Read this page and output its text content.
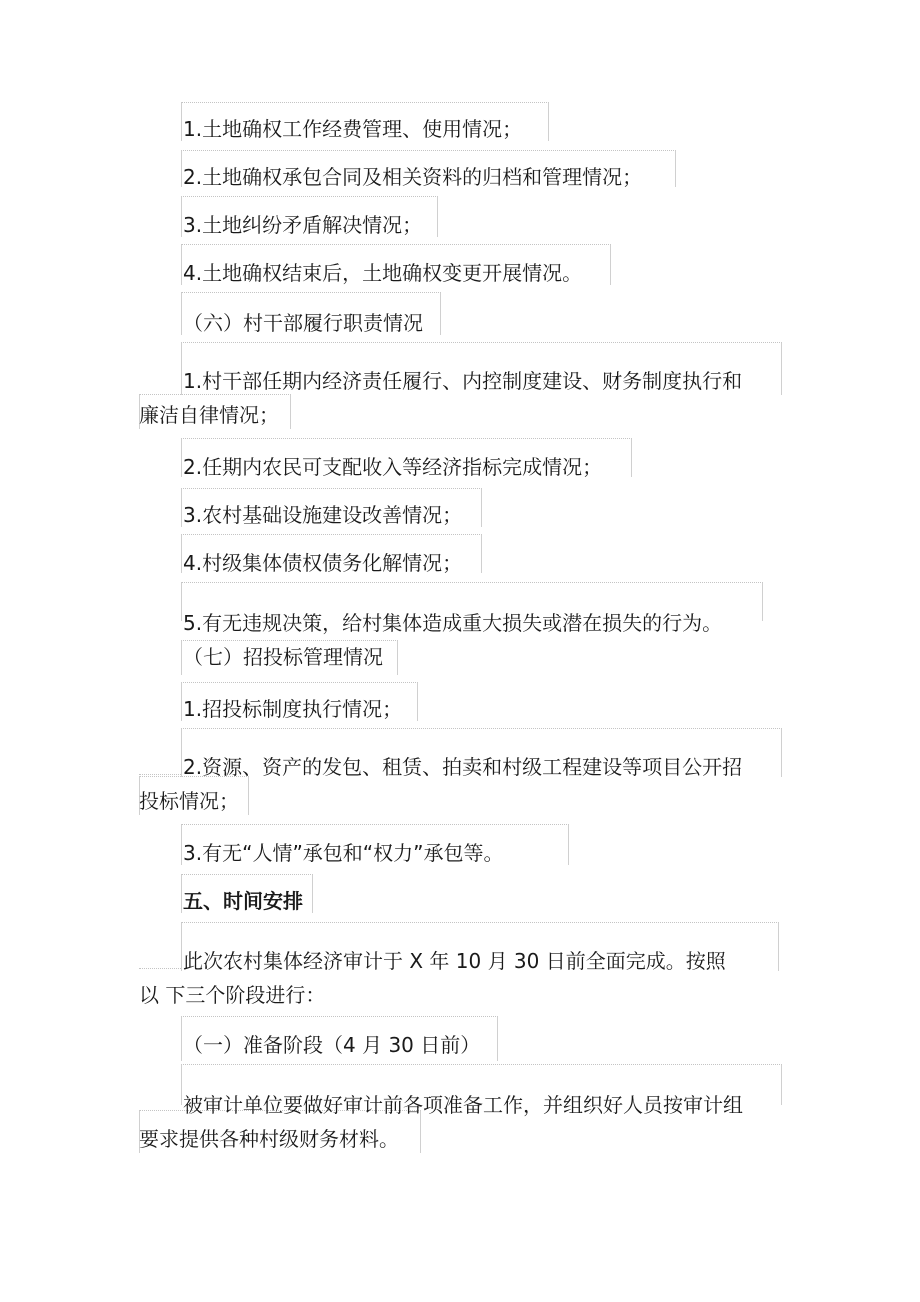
1.土地确权工作经费管理、使用情况；

2.土地确权承包合同及相关资料的归档和管理情况；

3.土地纠纷矛盾解决情况；

4.土地确权结束后，土地确权变更开展情况。

（六）村干部履行职责情况

1.村干部任期内经济责任履行、内控制度建设、财务制度执行和

廉洁自律情况；

2.任期内农民可支配收入等经济指标完成情况；

3.农村基础设施建设改善情况；

4.村级集体债权债务化解情况；

5.有无违规决策，给村集体造成重大损失或潜在损失的行为。

（七）招投标管理情况

1.招投标制度执行情况；

2.资源、资产的发包、租赁、拍卖和村级工程建设等项目公开招

投标情况；

3.有无“人情”承包和“权力”承包等。

五、时间安排

此次农村集体经济审计于 X 年 10 月 30 日前全面完成。按照

以 下三个阶段进行：

（一）准备阶段（4 月 30 日前）

被审计单位要做好审计前各项准备工作，并组织好人员按审计组

要求提供各种村级财务材料。
